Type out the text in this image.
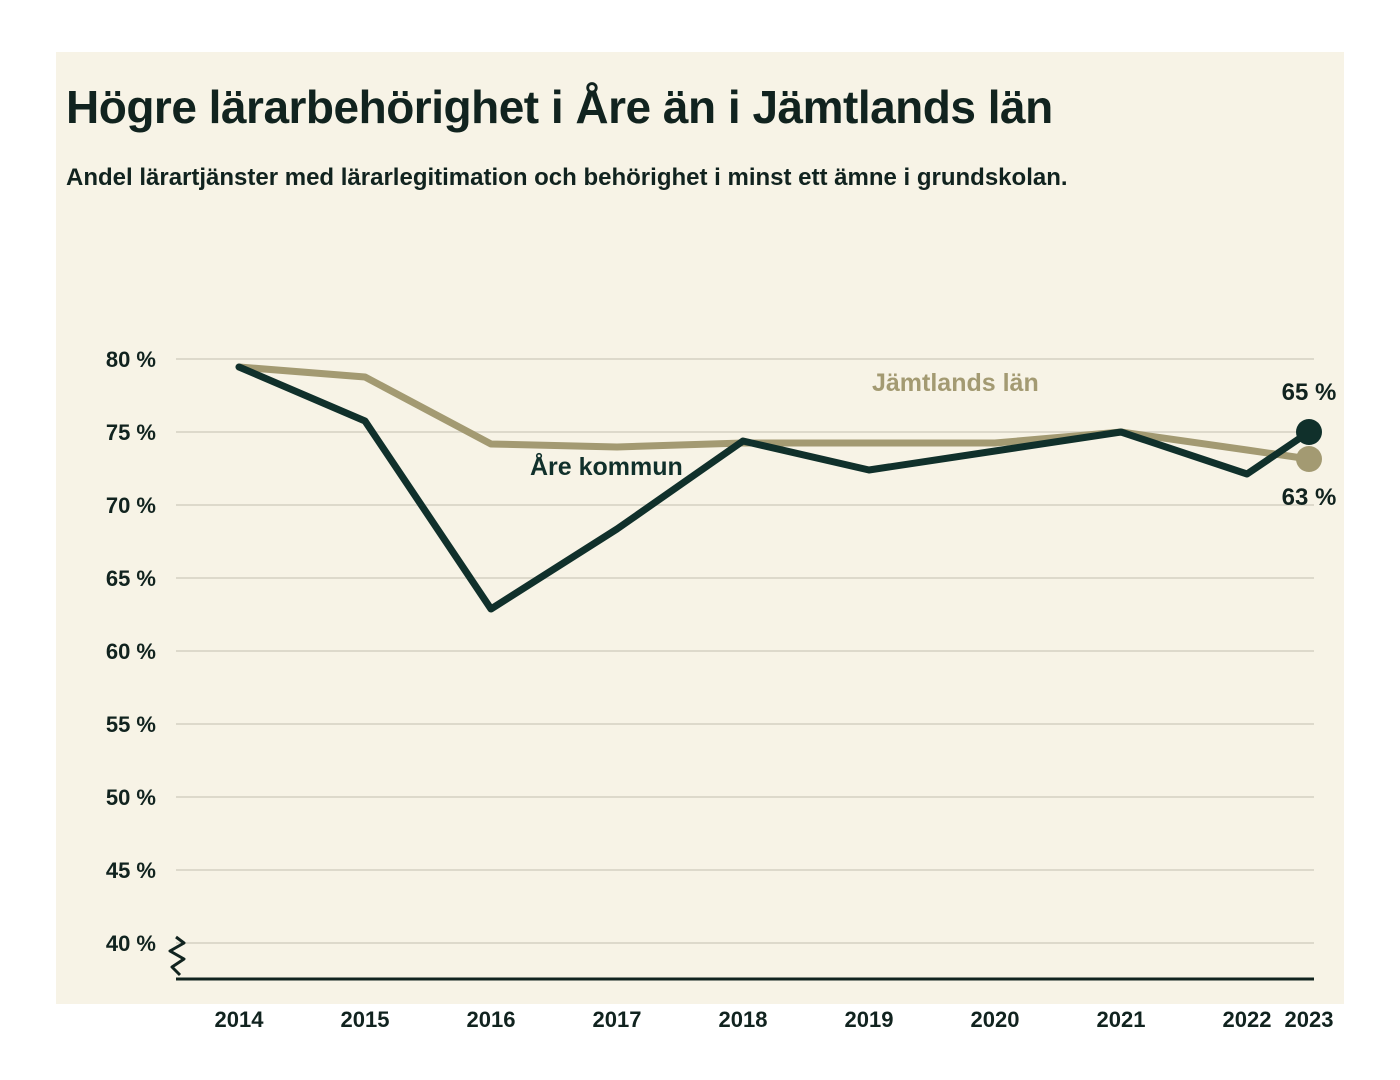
Högre lärarbehörighet i Åre än i Jämtlands län
Andel lärartjänster med lärarlegitimation och behörighet i minst ett ämne i grundskolan.
80 %
75 %
70 %
65 %
60 %
55 %
50 %
45 %
40 %
65 %
63 %
Åre kommun
Jämtlands län
2014	2015	2016	2017	2018	2019	2020	2021	2022 2023
